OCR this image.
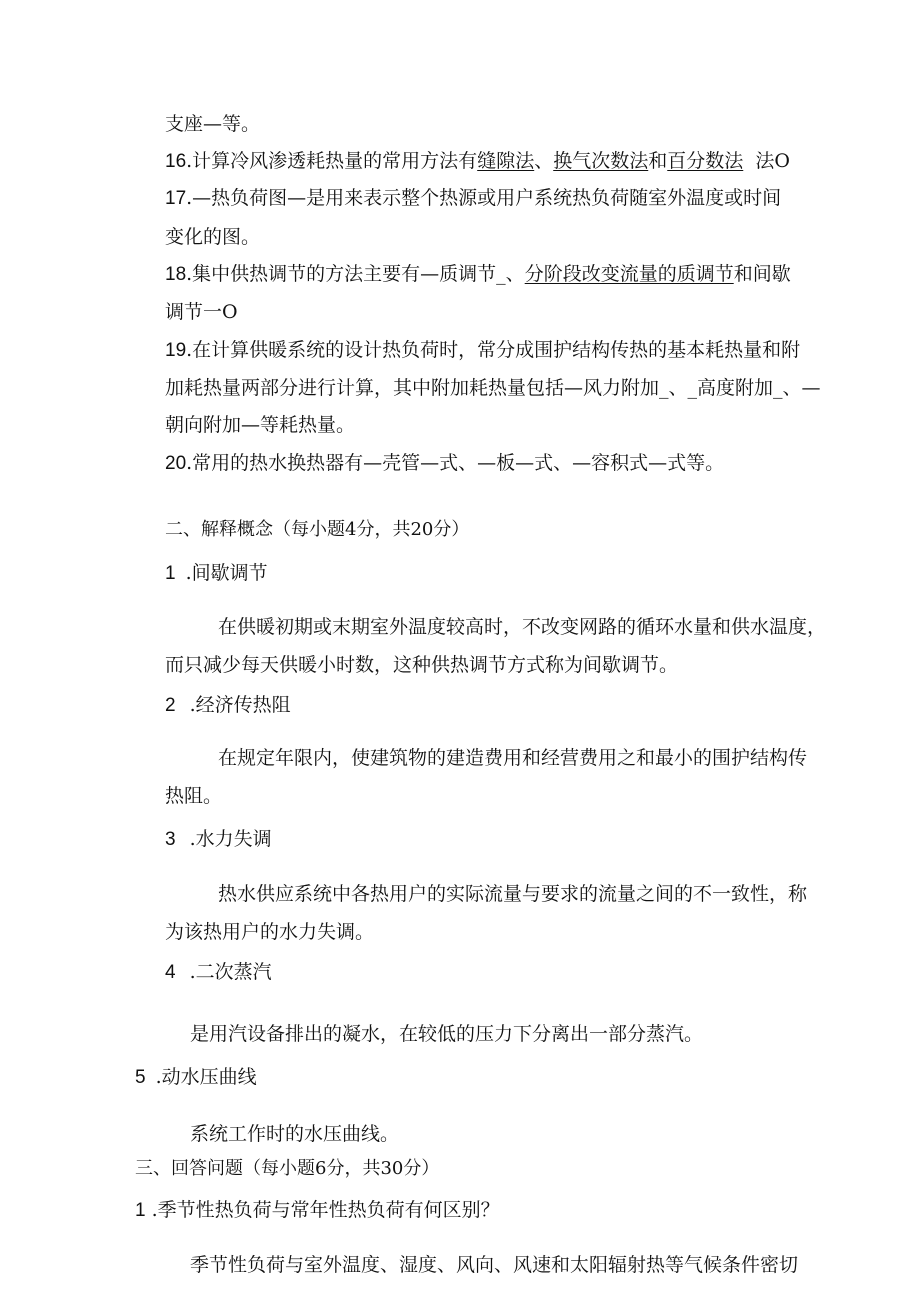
支座—等。
16.计算冷风渗透耗热量的常用方法有缝隙法、换气次数法和百分数法  法O
17.—热负荷图—是用来表示整个热源或用户系统热负荷随室外温度或时间
变化的图。
18.集中供热调节的方法主要有—质调节_、分阶段改变流量的质调节和间歇
调节一O
19.在计算供暖系统的设计热负荷时，常分成围护结构传热的基本耗热量和附
加耗热量两部分进行计算，其中附加耗热量包括—风力附加_、_高度附加_、—
朝向附加—等耗热量。
20.常用的热水换热器有—壳管—式、—板—式、—容积式—式等。
二、解释概念（每小题4分，共20分）
1 .间歇调节
在供暖初期或末期室外温度较高时，不改变网路的循环水量和供水温度，
而只减少每天供暖小时数，这种供热调节方式称为间歇调节。
2 .经济传热阻
在规定年限内，使建筑物的建造费用和经营费用之和最小的围护结构传
热阻。
3 .水力失调
热水供应系统中各热用户的实际流量与要求的流量之间的不一致性，称
为该热用户的水力失调。
4 .二次蒸汽
是用汽设备排出的凝水，在较低的压力下分离出一部分蒸汽。
5 .动水压曲线
系统工作时的水压曲线。
三、回答问题（每小题6分，共30分）
1 .季节性热负荷与常年性热负荷有何区别？
季节性负荷与室外温度、湿度、风向、风速和太阳辐射热等气候条件密切
